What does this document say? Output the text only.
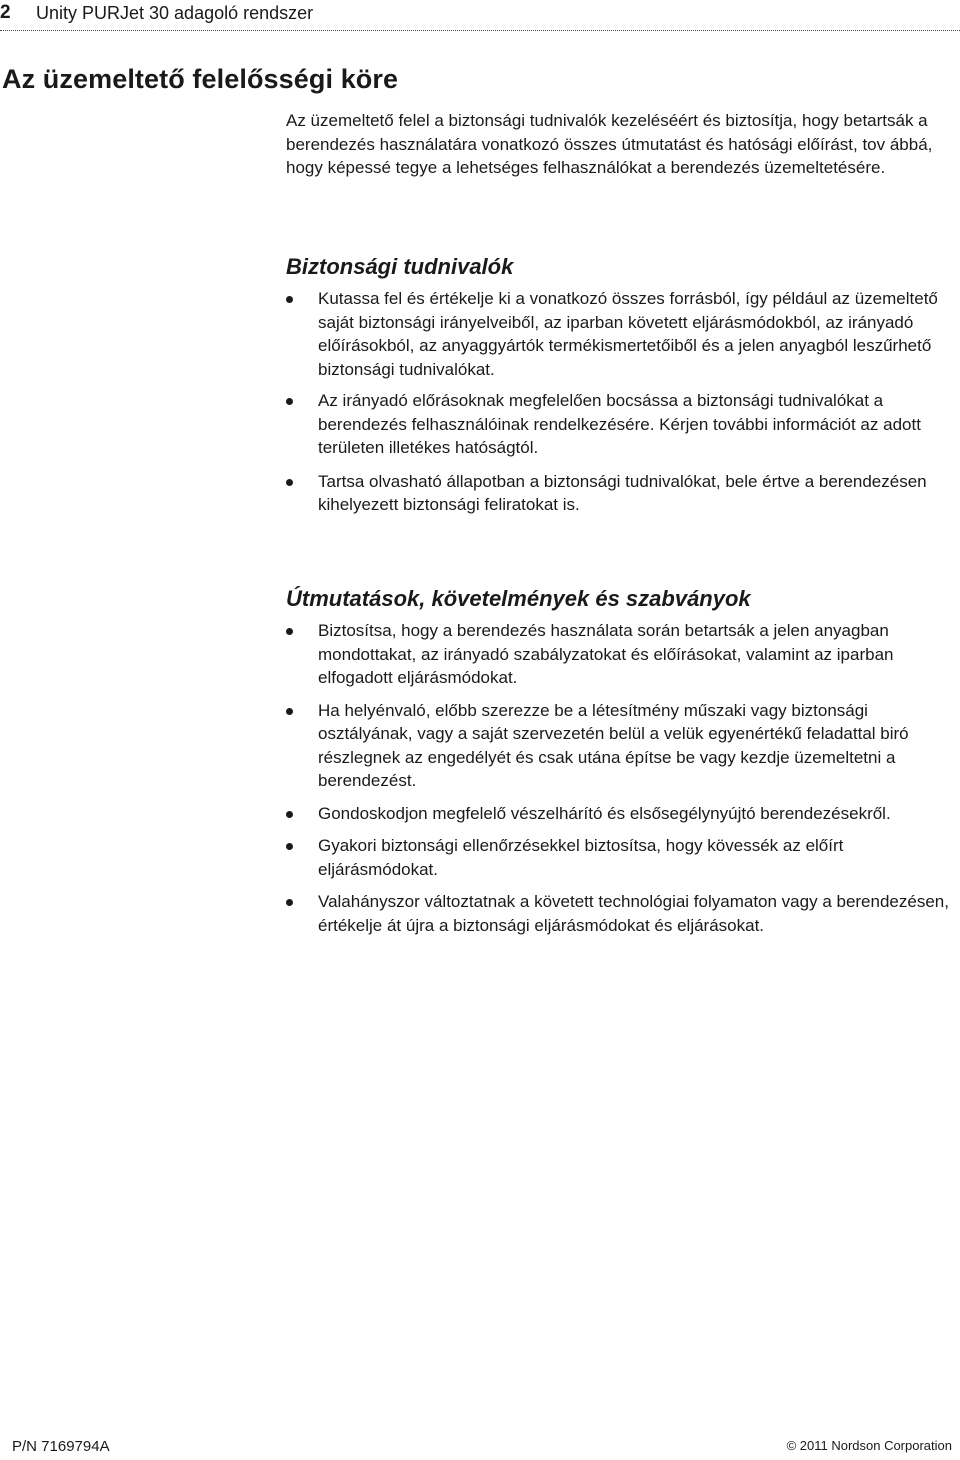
2	Unity PURJet 30 adagoló rendszer
Az üzemeltető felelősségi köre

Az üzemeltető felel a biztonsági tudnivalók kezeléséért és biztosítja, hogy betartsák a berendezés használatára vonatkozó összes útmutatást és hatósági előírást, tov ábbá, hogy képessé tegye a lehetséges felhasználókat a berendezés üzemeltetésére.

Biztonsági tudnivalók
Kutassa fel és értékelje ki a vonatkozó összes forrásból, így például az üzemeltető saját biztonsági irányelveiből, az iparban követett eljárásmódokból, az irányadó előírásokból, az anyaggyártók termékismertetőiből és a jelen anyagból leszűrhető biztonsági tudnivalókat.
Az irányadó előrásoknak megfelelően bocsássa a biztonsági tudnivalókat a berendezés felhasználóinak rendelkezésére. Kérjen további információt az adott területen illetékes hatóságtól.
Tartsa olvasható állapotban a biztonsági tudnivalókat, bele értve a berendezésen kihelyezett biztonsági feliratokat is.
Útmutatások, követelmények és szabványok
Biztosítsa, hogy a berendezés használata során betartsák a jelen anyagban mondottakat, az irányadó szabályzatokat és előírásokat, valamint az iparban elfogadott eljárásmódokat.
Ha helyénvaló, előbb szerezze be a létesítmény műszaki vagy biztonsági osztályának, vagy a saját szervezetén belül a velük egyenértékű feladattal biró részlegnek az engedélyét és csak utána építse be vagy kezdje üzemeltetni a berendezést.
Gondoskodjon megfelelő vészelhárító és elsősegélynyújtó berendezésekről.
Gyakori biztonsági ellenőrzésekkel biztosítsa, hogy kövessék az előírt eljárásmódokat.
Valahányszor változtatnak a követett technológiai folyamaton vagy a berendezésen, értékelje át újra a biztonsági eljárásmódokat és eljárásokat.
P/N 7169794A	© 2011 Nordson Corporation
